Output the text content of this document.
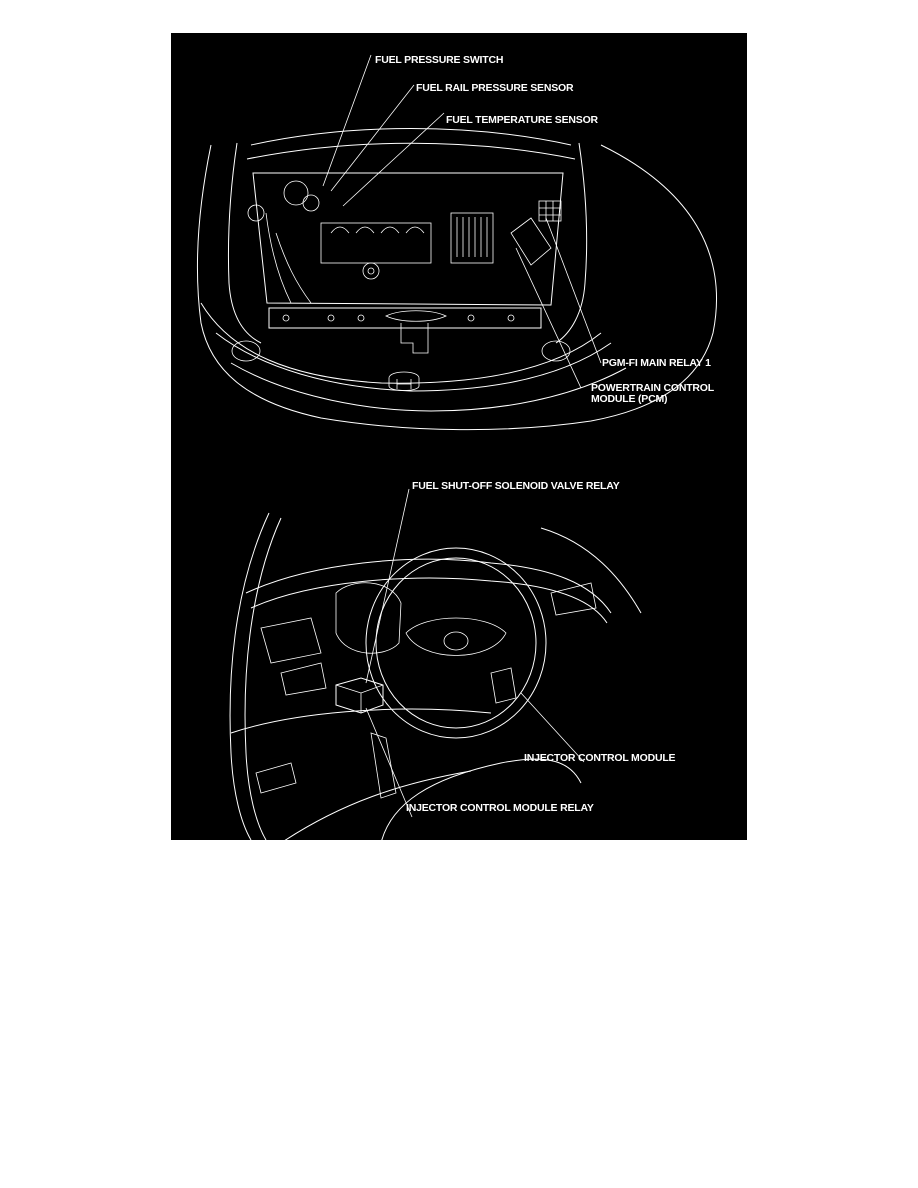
FUEL PRESSURE SWITCH
FUEL RAIL PRESSURE SENSOR
FUEL TEMPERATURE SENSOR
PGM-FI MAIN RELAY 1
POWERTRAIN CONTROL
MODULE (PCM)
FUEL SHUT-OFF SOLENOID VALVE RELAY
INJECTOR CONTROL MODULE
INJECTOR CONTROL MODULE RELAY
